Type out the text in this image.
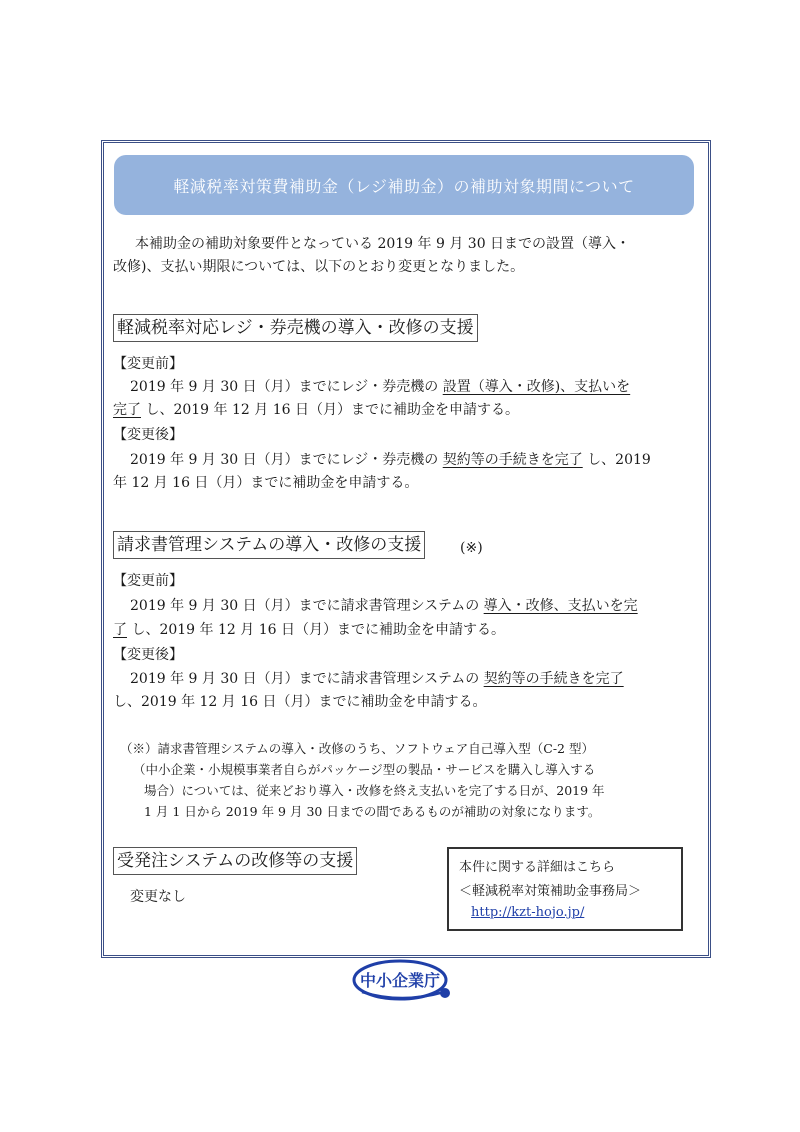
軽減税率対策費補助金（レジ補助金）の補助対象期間について
本補助金の補助対象要件となっている 2019 年 9 月 30 日までの設置（導入・
改修)、支払い期限については、以下のとおり変更となりました。
軽減税率対応レジ・券売機の導入・改修の支援
【変更前】
2019 年 9 月 30 日（月）までにレジ・券売機の 設置（導入・改修)、支払いを
完了 し、2019 年 12 月 16 日（月）までに補助金を申請する。
【変更後】
2019 年 9 月 30 日（月）までにレジ・券売機の 契約等の手続きを完了 し、2019
年 12 月 16 日（月）までに補助金を申請する。
請求書管理システムの導入・改修の支援	(※)
【変更前】
2019 年 9 月 30 日（月）までに請求書管理システムの 導入・改修、支払いを完
了 し、2019 年 12 月 16 日（月）までに補助金を申請する。
【変更後】
2019 年 9 月 30 日（月）までに請求書管理システムの 契約等の手続きを完了
し、2019 年 12 月 16 日（月）までに補助金を申請する。
（※）請求書管理システムの導入・改修のうち、ソフトウェア自己導入型（C-2 型）
（中小企業・小規模事業者自らがパッケージ型の製品・サービスを購入し導入する
場合）については、従来どおり導入・改修を終え支払いを完了する日が、2019 年
1 月 1 日から 2019 年 9 月 30 日までの間であるものが補助の対象になります。
受発注システムの改修等の支援
変更なし
本件に関する詳細はこちら
＜軽減税率対策補助金事務局＞
http://kzt-hojo.jp/
中小企業庁
